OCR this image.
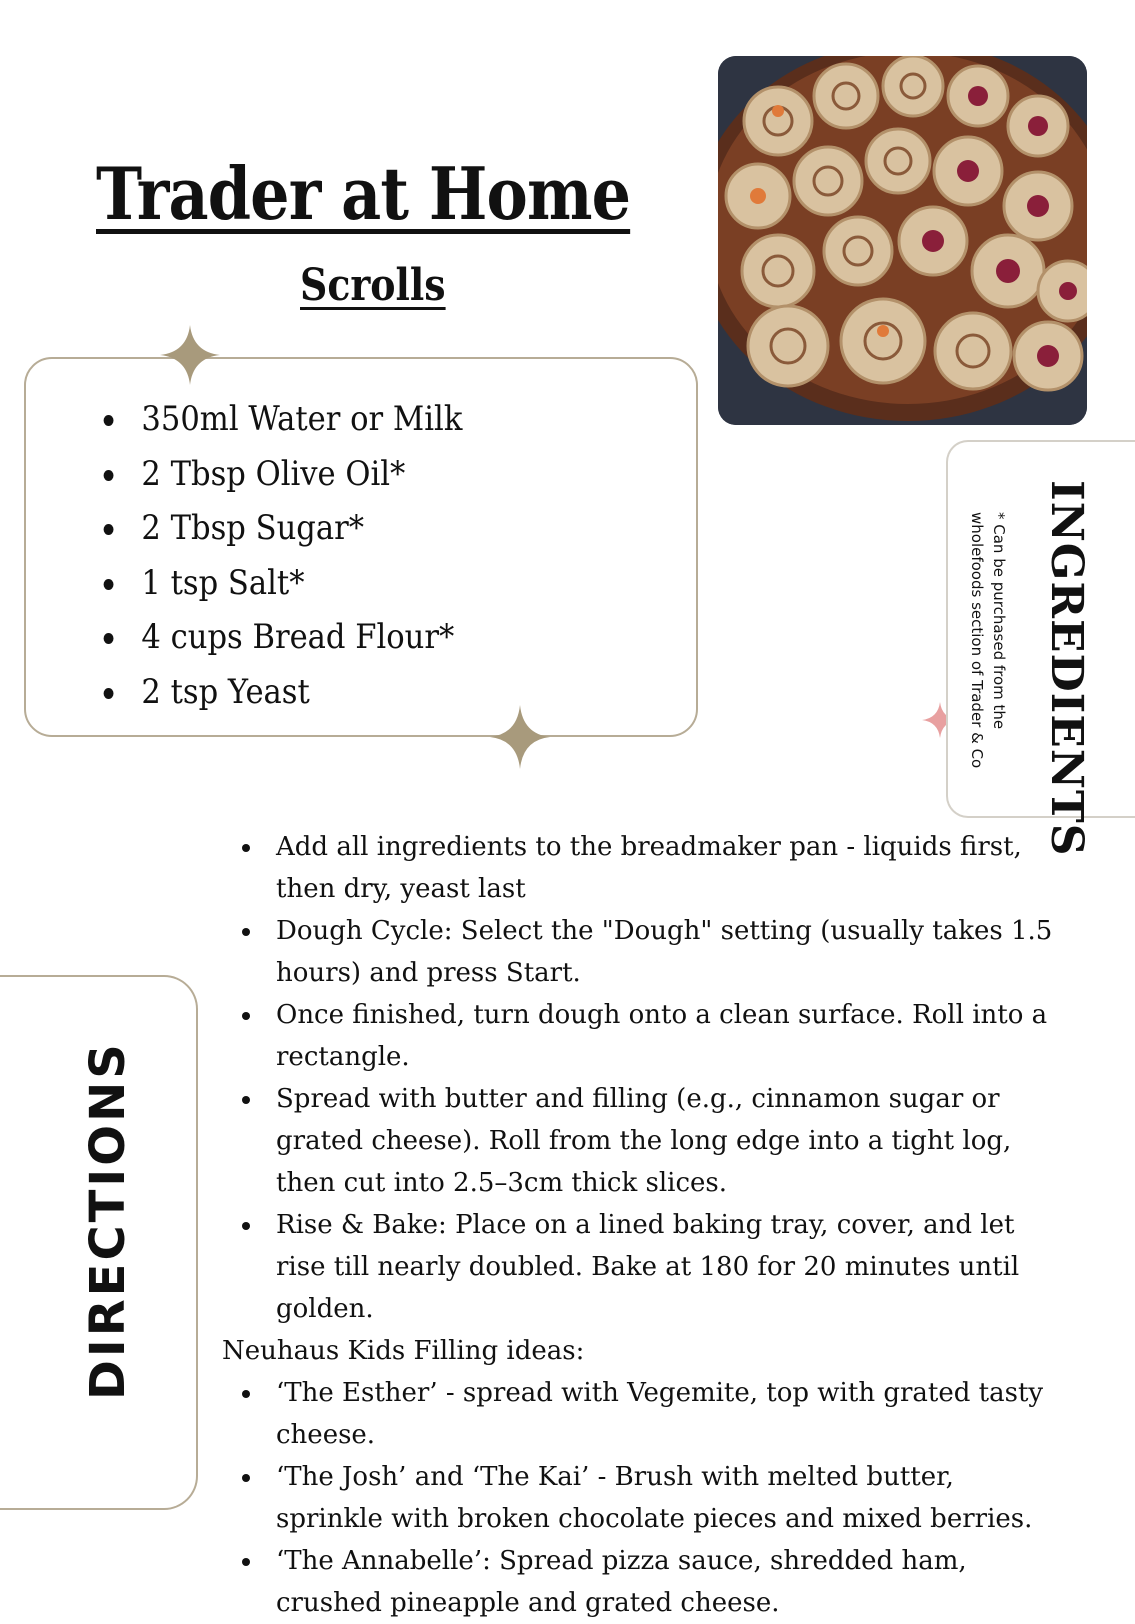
Trader at Home
Scrolls
350ml Water or Milk
2 Tbsp Olive Oil*
2 Tbsp Sugar*
1 tsp Salt*
4 cups Bread Flour*
2 tsp Yeast	INGREDIENTS
* Can be purchased from the
wholefoods section of Trader & Co
DIRECTIONS
Add all ingredients to the breadmaker pan - liquids first, then dry, yeast last
Dough Cycle: Select the "Dough" setting (usually takes 1.5 hours) and press Start.
Once finished, turn dough onto a clean surface. Roll into a rectangle.
Spread with butter and filling (e.g., cinnamon sugar or grated cheese). Roll from the long edge into a tight log, then cut into 2.5–3cm thick slices.
Rise & Bake: Place on a lined baking tray, cover, and let rise till nearly doubled. Bake at 180 for 20 minutes until golden.

Neuhaus Kids Filling ideas:

‘The Esther’ - spread with Vegemite, top with grated tasty cheese.
‘The Josh’ and ‘The Kai’ - Brush with melted butter, sprinkle with broken chocolate pieces and mixed berries.
‘The Annabelle’: Spread pizza sauce, shredded ham, crushed pineapple and grated cheese.
